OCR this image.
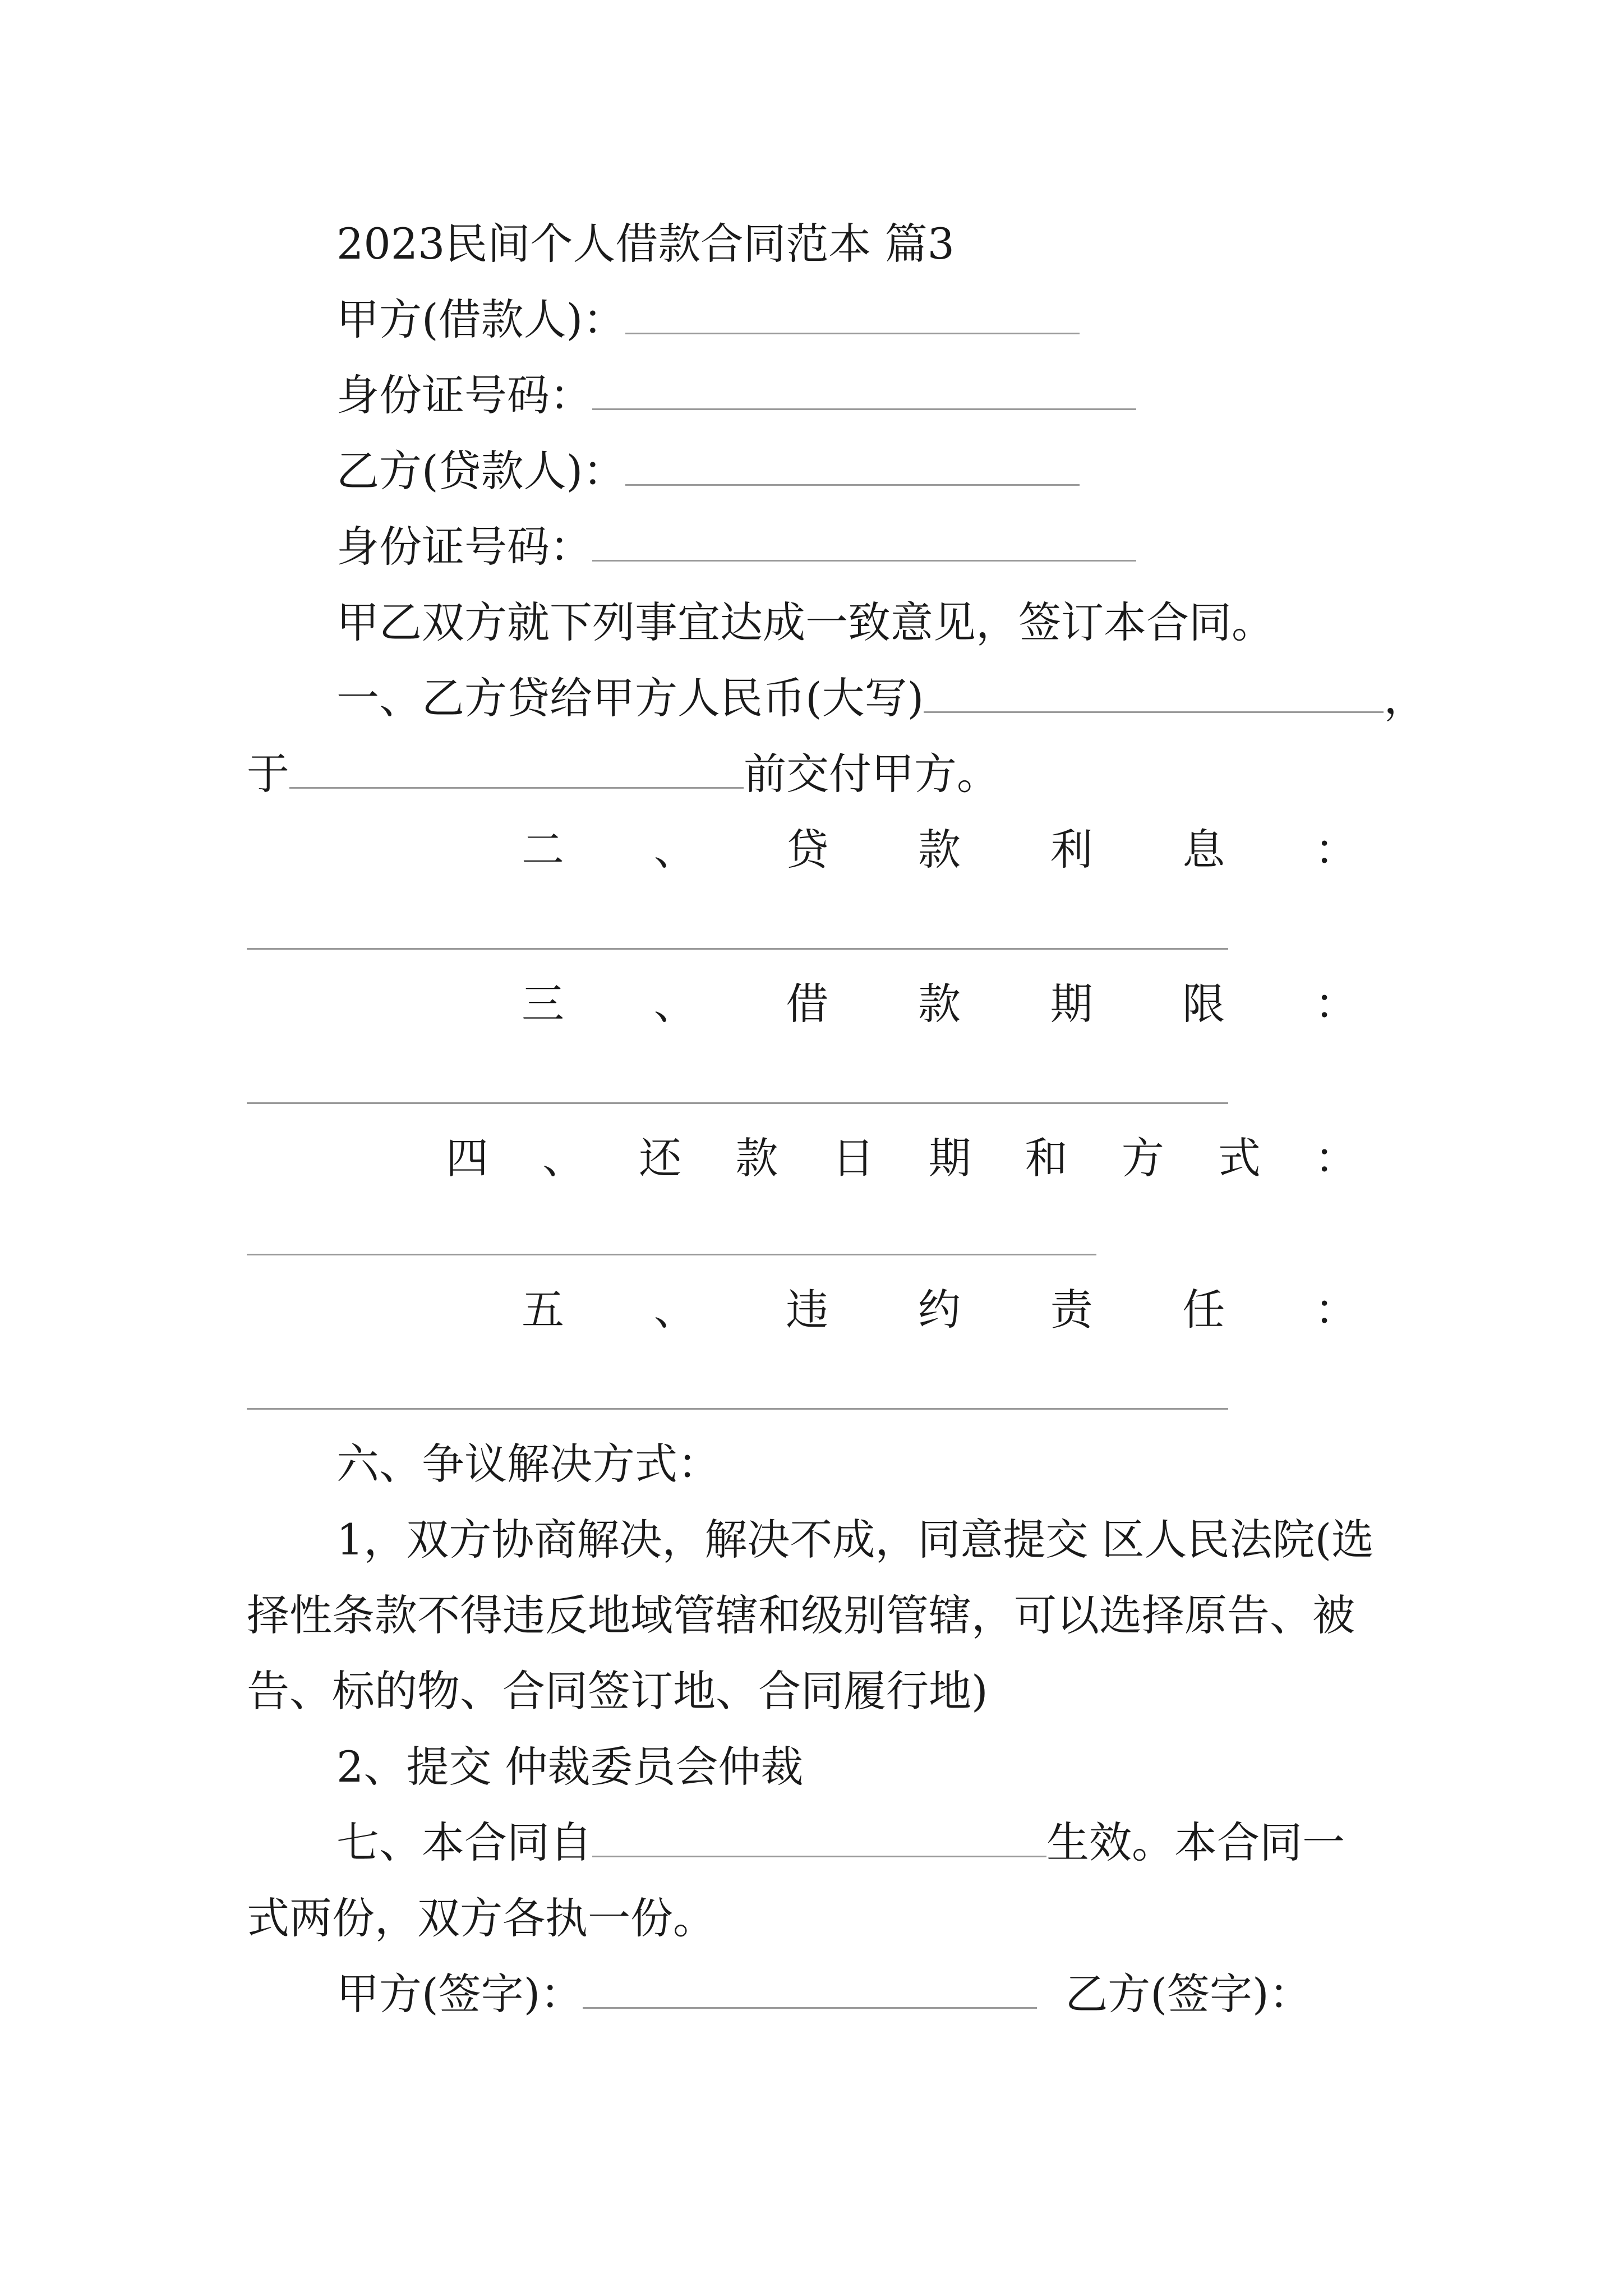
2023民间个人借款合同范本 篇3
甲方(借款人)：
身份证号码：
乙方(贷款人)：
身份证号码：
甲乙双方就下列事宜达成一致意见，签订本合同。
一、乙方贷给甲方人民币(大写)	，
于	前交付甲方。
二 、 贷 款 利 息 ：
三 、 借 款 期 限 ：
四 、 还 款 日 期 和 方 式 ：
五 、 违 约 责 任 ：
六、争议解决方式：
1，双方协商解决，解决不成，同意提交 区人民法院(选
择性条款不得违反地域管辖和级别管辖，可以选择原告、被
告、标的物、合同签订地、合同履行地)
2、提交 仲裁委员会仲裁
七、本合同自	生效。本合同一
式两份，双方各执一份。
甲方(签字)：	乙方(签字)：
